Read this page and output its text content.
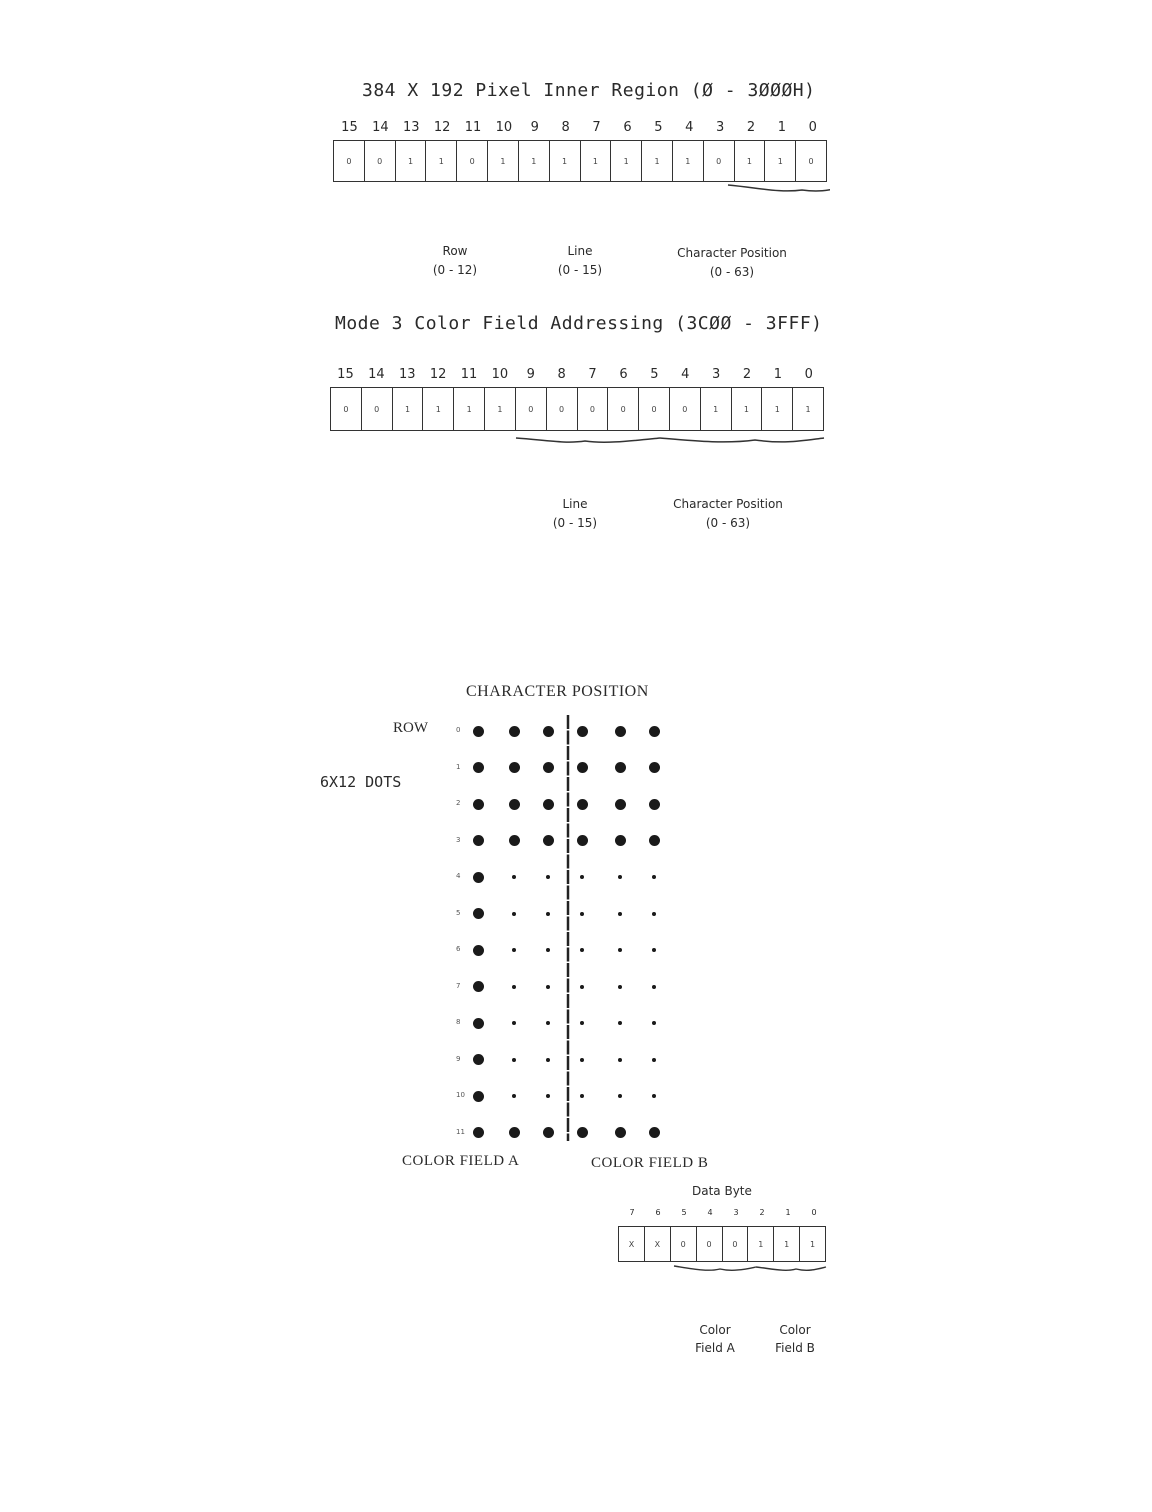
384 X 192 Pixel Inner Region (Ø - 3ØØØH)
15	14	13	12	11	10	9	8	7	6	5	4	3	2	1	0
0	0	1	1	0	1	1	1	1	1	1	1	0	1	1	0

Row
(0 - 12)

Line
(0 - 15)

Character Position
(0 - 63)

Mode 3 Color Field Addressing (3CØØ - 3FFF)
15	14	13	12	11	10	9	8	7	6	5	4	3	2	1	0
0	0	1	1	1	1	0	0	0	0	0	0	1	1	1	1

Line
(0 - 15)

Character Position
(0 - 63)

CHARACTER POSITION
ROW
6X12 DOTS
0
1
2
3
4
5
6
7
8
9
10
11
COLOR FIELD A	COLOR FIELD B
Data Byte
7	6	5	4	3	2	1	0
X	X	0	0	0	1	1	1

Color
Field A

Color
Field B
